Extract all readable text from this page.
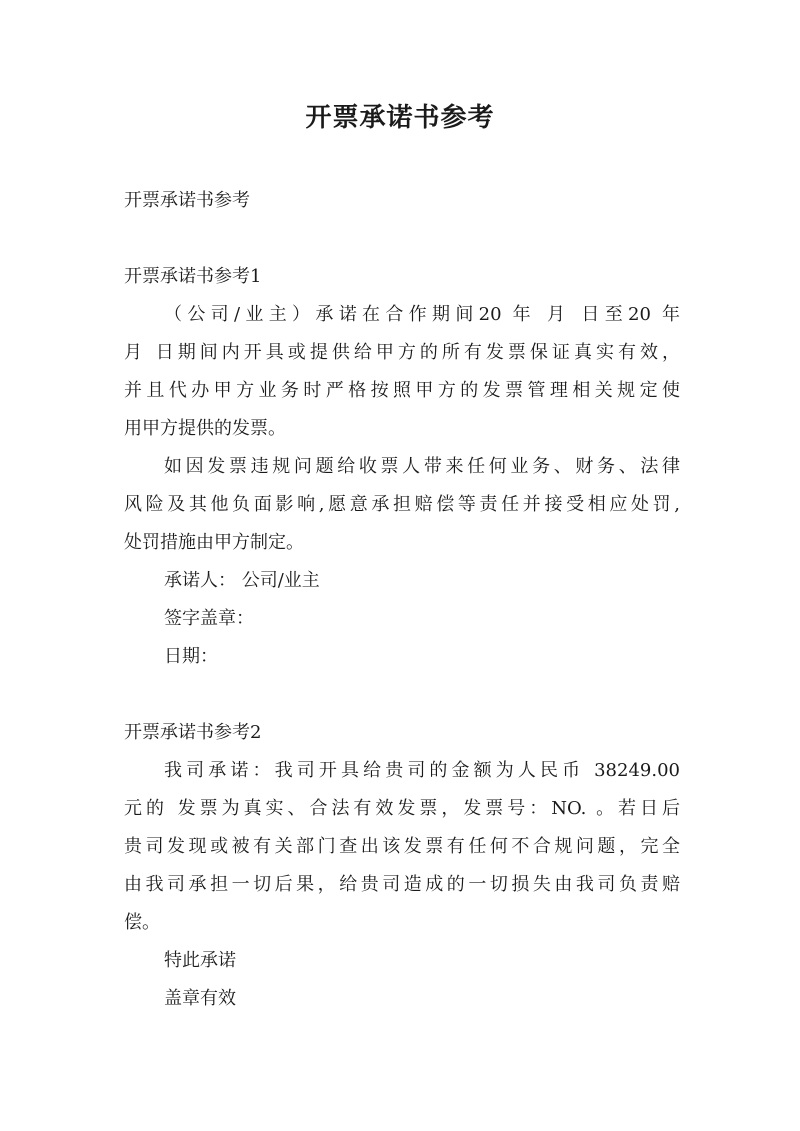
开票承诺书参考
开票承诺书参考
开票承诺书参考1
（公司/业主）承诺在合作期间20 年 月 日至20 年
月 日期间内开具或提供给甲方的所有发票保证真实有效，
并且代办甲方业务时严格按照甲方的发票管理相关规定使
用甲方提供的发票。
如因发票违规问题给收票人带来任何业务、财务、法律
风险及其他负面影响,愿意承担赔偿等责任并接受相应处罚,
处罚措施由甲方制定。
承诺人： 公司/业主
签字盖章：
日期：
开票承诺书参考2
我司承诺：我司开具给贵司的金额为人民币 38249.00
元的 发票为真实、合法有效发票，发票号：NO. 。若日后
贵司发现或被有关部门查出该发票有任何不合规问题，完全
由我司承担一切后果，给贵司造成的一切损失由我司负责赔
偿。
特此承诺
盖章有效
